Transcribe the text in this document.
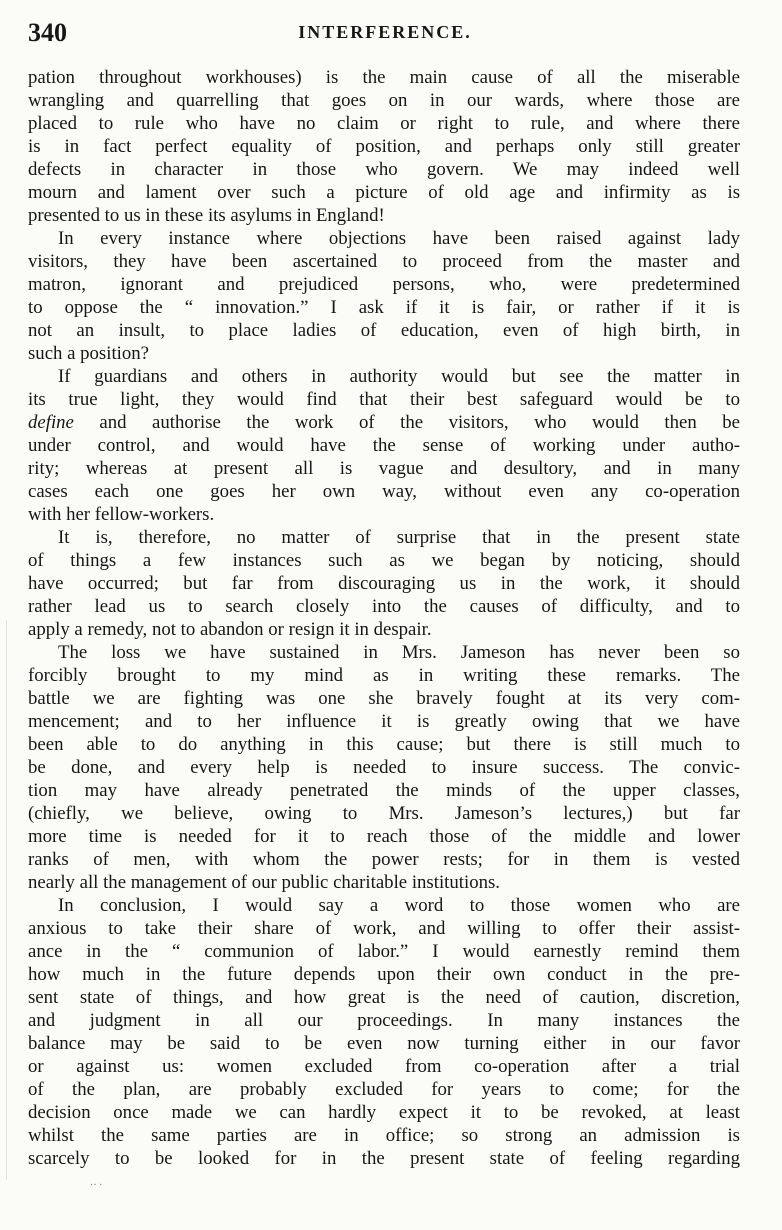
340	INTERFERENCE.
pation throughout workhouses) is the main cause of all the miserable
wrangling and quarrelling that goes on in our wards, where those are
placed to rule who have no claim or right to rule, and where there
is in fact perfect equality of position, and perhaps only still greater
defects in character in those who govern. We may indeed well
mourn and lament over such a picture of old age and infirmity as is
presented to us in these its asylums in England!
In every instance where objections have been raised against lady
visitors, they have been ascertained to proceed from the master and
matron, ignorant and prejudiced persons, who, were predetermined
to oppose the “ innovation.” I ask if it is fair, or rather if it is
not an insult, to place ladies of education, even of high birth, in
such a position?
If guardians and others in authority would but see the matter in
its true light, they would find that their best safeguard would be to
define and authorise the work of the visitors, who would then be
under control, and would have the sense of working under autho-
rity; whereas at present all is vague and desultory, and in many
cases each one goes her own way, without even any co-operation
with her fellow-workers.
It is, therefore, no matter of surprise that in the present state
of things a few instances such as we began by noticing, should
have occurred; but far from discouraging us in the work, it should
rather lead us to search closely into the causes of difficulty, and to
apply a remedy, not to abandon or resign it in despair.
The loss we have sustained in Mrs. Jameson has never been so
forcibly brought to my mind as in writing these remarks. The
battle we are fighting was one she bravely fought at its very com-
mencement; and to her influence it is greatly owing that we have
been able to do anything in this cause; but there is still much to
be done, and every help is needed to insure success. The convic-
tion may have already penetrated the minds of the upper classes,
(chiefly, we believe, owing to Mrs. Jameson’s lectures,) but far
more time is needed for it to reach those of the middle and lower
ranks of men, with whom the power rests; for in them is vested
nearly all the management of our public charitable institutions.
In conclusion, I would say a word to those women who are
anxious to take their share of work, and willing to offer their assist-
ance in the “ communion of labor.” I would earnestly remind them
how much in the future depends upon their own conduct in the pre-
sent state of things, and how great is the need of caution, discretion,
and judgment in all our proceedings. In many instances the
balance may be said to be even now turning either in our favor
or against us: women excluded from co-operation after a trial
of the plan, are probably excluded for years to come; for the
decision once made we can hardly expect it to be revoked, at least
whilst the same parties are in office; so strong an admission is
scarcely to be looked for in the present state of feeling regarding
·· ·
